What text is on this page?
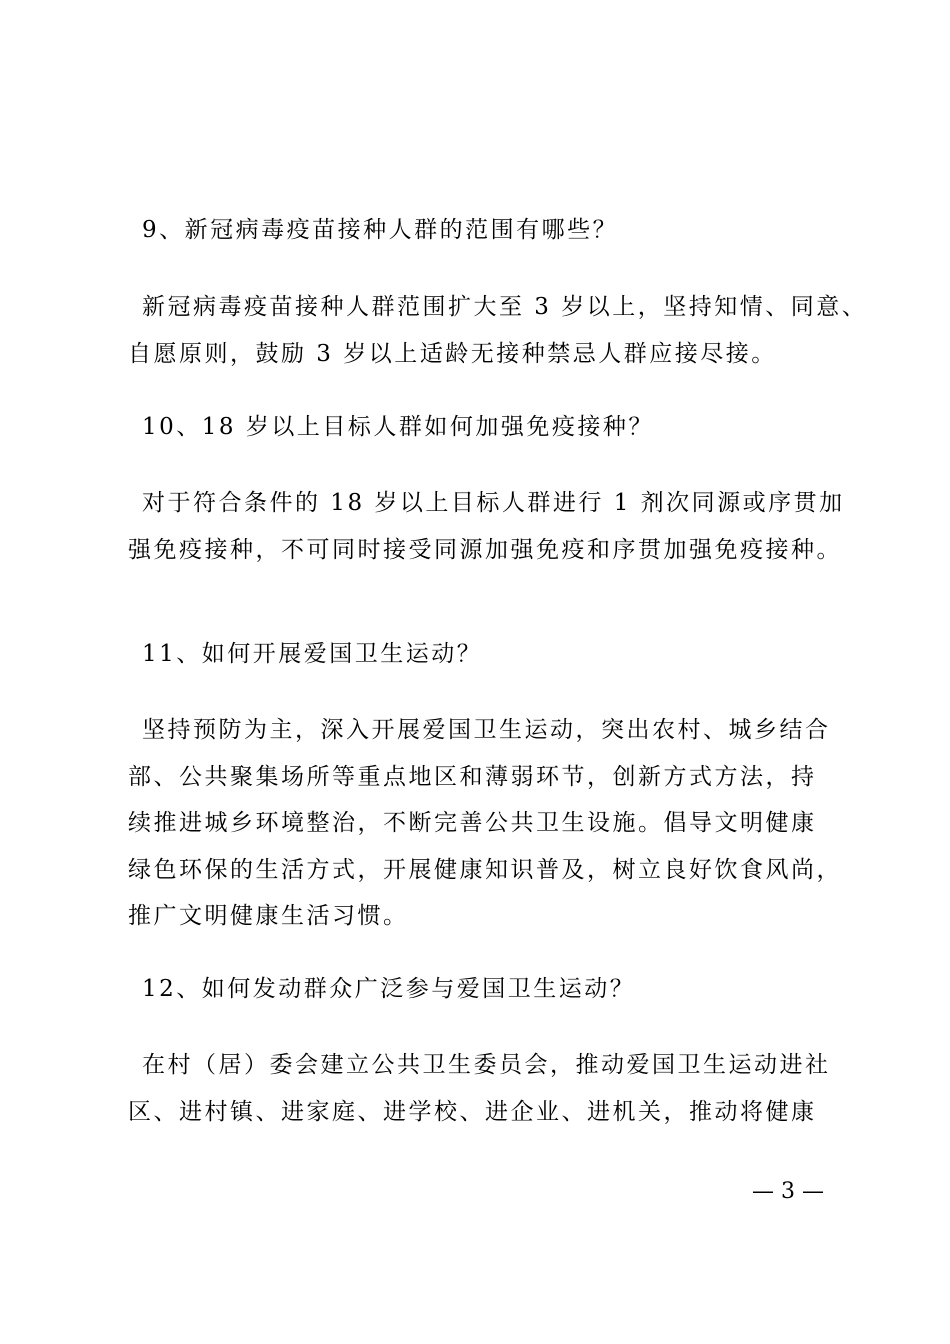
9、新冠病毒疫苗接种人群的范围有哪些？
新冠病毒疫苗接种人群范围扩大至 3 岁以上，坚持知情、同意、
自愿原则，鼓励 3 岁以上适龄无接种禁忌人群应接尽接。
10、18 岁以上目标人群如何加强免疫接种？
对于符合条件的 18 岁以上目标人群进行 1 剂次同源或序贯加
强免疫接种，不可同时接受同源加强免疫和序贯加强免疫接种。
11、如何开展爱国卫生运动？
坚持预防为主，深入开展爱国卫生运动，突出农村、城乡结合
部、公共聚集场所等重点地区和薄弱环节，创新方式方法，持
续推进城乡环境整治，不断完善公共卫生设施。倡导文明健康
绿色环保的生活方式，开展健康知识普及，树立良好饮食风尚，
推广文明健康生活习惯。
12、如何发动群众广泛参与爱国卫生运动？
在村（居）委会建立公共卫生委员会，推动爱国卫生运动进社
区、进村镇、进家庭、进学校、进企业、进机关，推动将健康
— 3 —
